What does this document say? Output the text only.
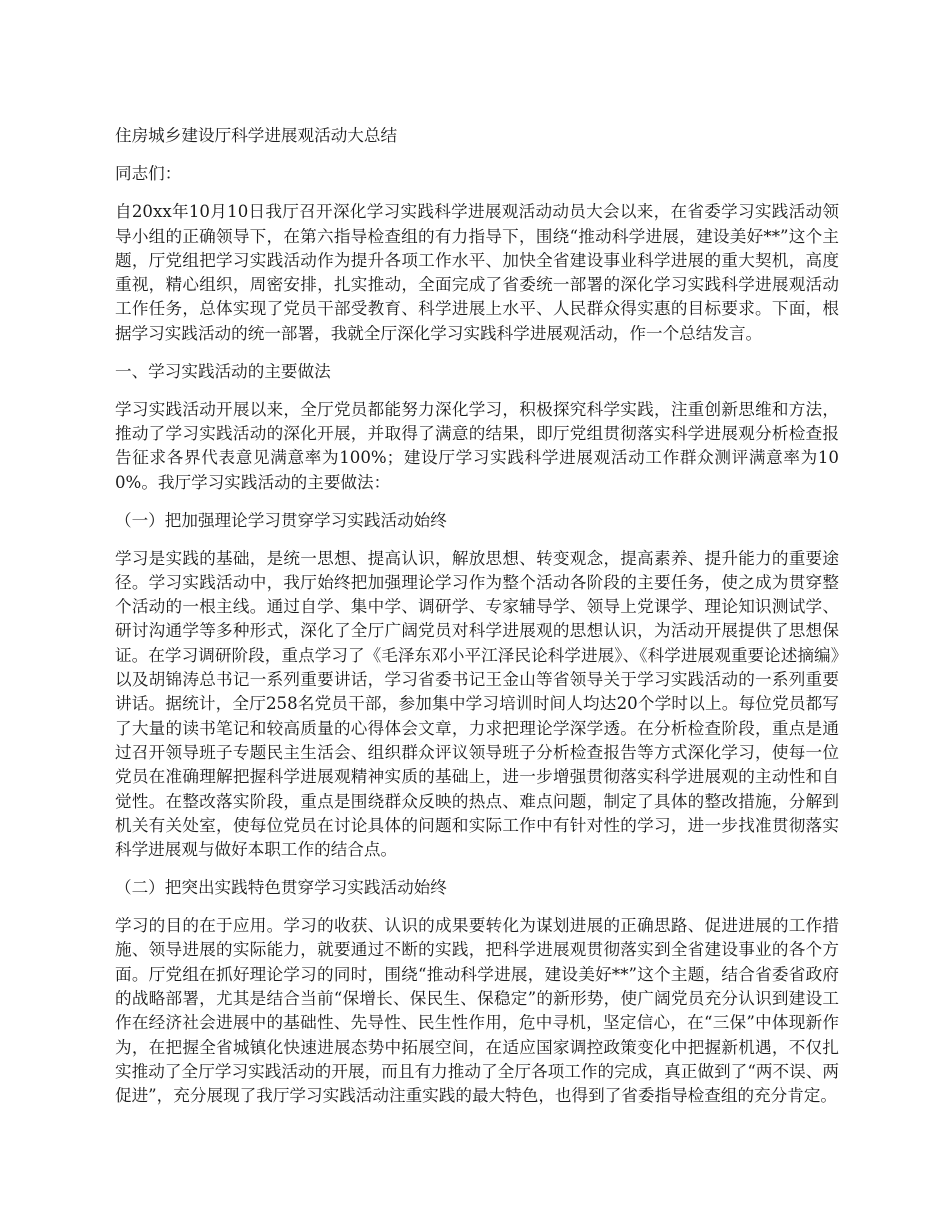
住房城乡建设厅科学进展观活动大总结

同志们：

自20xx年10月10日我厅召开深化学习实践科学进展观活动动员大会以来，在省委学习实践活动领导小组的正确领导下，在第六指导检查组的有力指导下，围绕“推动科学进展，建设美好**”这个主题，厅党组把学习实践活动作为提升各项工作水平、加快全省建设事业科学进展的重大契机，高度重视，精心组织，周密安排，扎实推动，全面完成了省委统一部署的深化学习实践科学进展观活动工作任务，总体实现了党员干部受教育、科学进展上水平、人民群众得实惠的目标要求。下面，根据学习实践活动的统一部署，我就全厅深化学习实践科学进展观活动，作一个总结发言。

一、学习实践活动的主要做法

学习实践活动开展以来，全厅党员都能努力深化学习，积极探究科学实践，注重创新思维和方法，推动了学习实践活动的深化开展，并取得了满意的结果，即厅党组贯彻落实科学进展观分析检查报告征求各界代表意见满意率为100%；建设厅学习实践科学进展观活动工作群众测评满意率为100%。我厅学习实践活动的主要做法：

（一）把加强理论学习贯穿学习实践活动始终

学习是实践的基础，是统一思想、提高认识，解放思想、转变观念，提高素养、提升能力的重要途径。学习实践活动中，我厅始终把加强理论学习作为整个活动各阶段的主要任务，使之成为贯穿整个活动的一根主线。通过自学、集中学、调研学、专家辅导学、领导上党课学、理论知识测试学、研讨沟通学等多种形式，深化了全厅广阔党员对科学进展观的思想认识，为活动开展提供了思想保证。在学习调研阶段，重点学习了《毛泽东邓小平江泽民论科学进展》、《科学进展观重要论述摘编》以及胡锦涛总书记一系列重要讲话，学习省委书记王金山等省领导关于学习实践活动的一系列重要讲话。据统计，全厅258名党员干部，参加集中学习培训时间人均达20个学时以上。每位党员都写了大量的读书笔记和较高质量的心得体会文章，力求把理论学深学透。在分析检查阶段，重点是通过召开领导班子专题民主生活会、组织群众评议领导班子分析检查报告等方式深化学习，使每一位党员在准确理解把握科学进展观精神实质的基础上，进一步增强贯彻落实科学进展观的主动性和自觉性。在整改落实阶段，重点是围绕群众反映的热点、难点问题，制定了具体的整改措施，分解到机关有关处室，使每位党员在讨论具体的问题和实际工作中有针对性的学习，进一步找准贯彻落实科学进展观与做好本职工作的结合点。

（二）把突出实践特色贯穿学习实践活动始终

学习的目的在于应用。学习的收获、认识的成果要转化为谋划进展的正确思路、促进进展的工作措施、领导进展的实际能力，就要通过不断的实践，把科学进展观贯彻落实到全省建设事业的各个方面。厅党组在抓好理论学习的同时，围绕“推动科学进展，建设美好**”这个主题，结合省委省政府的战略部署，尤其是结合当前“保增长、保民生、保稳定”的新形势，使广阔党员充分认识到建设工作在经济社会进展中的基础性、先导性、民生性作用，危中寻机，坚定信心，在“三保”中体现新作为，在把握全省城镇化快速进展态势中拓展空间，在适应国家调控政策变化中把握新机遇，不仅扎实推动了全厅学习实践活动的开展，而且有力推动了全厅各项工作的完成，真正做到了“两不误、两促进”，充分展现了我厅学习实践活动注重实践的最大特色，也得到了省委指导检查组的充分肯定。
